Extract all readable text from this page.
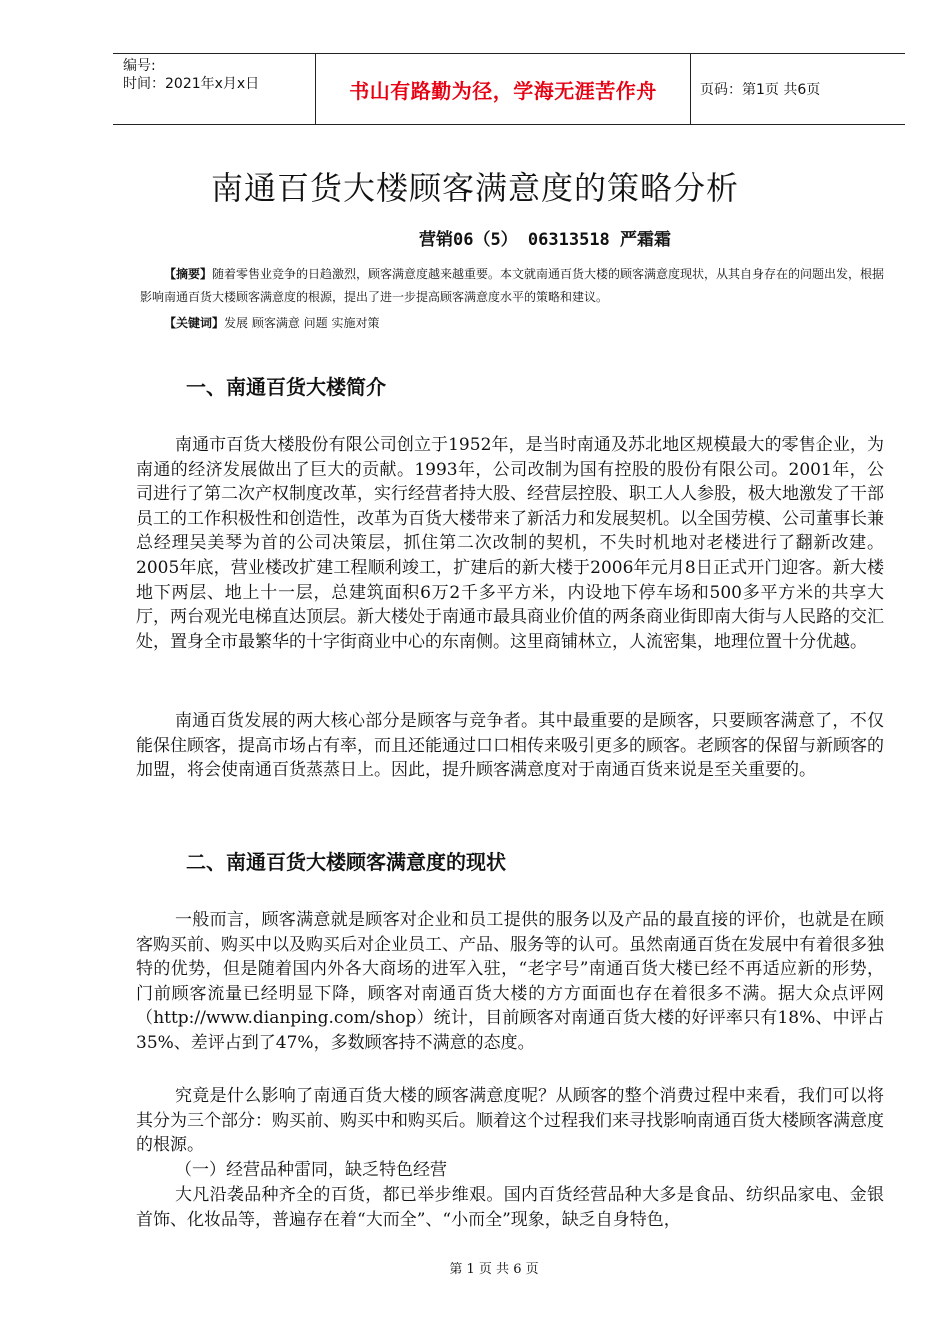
编号:
时间：2021年x月x日	书山有路勤为径，学海无涯苦作舟	页码：第1页 共6页
南通百货大楼顾客满意度的策略分析
营销06（5） 06313518 严霜霜
【摘要】随着零售业竞争的日趋激烈，顾客满意度越来越重要。本文就南通百货大楼的顾客满意度现状，从其自身存在的问题出发，根据影响南通百货大楼顾客满意度的根源，提出了进一步提高顾客满意度水平的策略和建议。
【关键词】发展 顾客满意 问题 实施对策
一、南通百货大楼简介

南通市百货大楼股份有限公司创立于1952年，是当时南通及苏北地区规模最大的零售企业，为南通的经济发展做出了巨大的贡献。1993年，公司改制为国有控股的股份有限公司。2001年，公司进行了第二次产权制度改革，实行经营者持大股、经营层控股、职工人人参股，极大地激发了干部员工的工作积极性和创造性，改革为百货大楼带来了新活力和发展契机。以全国劳模、公司董事长兼总经理吴美琴为首的公司决策层，抓住第二次改制的契机，不失时机地对老楼进行了翻新改建。2005年底，营业楼改扩建工程顺利竣工，扩建后的新大楼于2006年元月8日正式开门迎客。新大楼地下两层、地上十一层，总建筑面积6万2千多平方米，内设地下停车场和500多平方米的共享大厅，两台观光电梯直达顶层。新大楼处于南通市最具商业价值的两条商业街即南大街与人民路的交汇处，置身全市最繁华的十字街商业中心的东南侧。这里商铺林立，人流密集，地理位置十分优越。

南通百货发展的两大核心部分是顾客与竞争者。其中最重要的是顾客，只要顾客满意了，不仅能保住顾客，提高市场占有率，而且还能通过口口相传来吸引更多的顾客。老顾客的保留与新顾客的加盟，将会使南通百货蒸蒸日上。因此，提升顾客满意度对于南通百货来说是至关重要的。

二、南通百货大楼顾客满意度的现状

一般而言，顾客满意就是顾客对企业和员工提供的服务以及产品的最直接的评价，也就是在顾客购买前、购买中以及购买后对企业员工、产品、服务等的认可。虽然南通百货在发展中有着很多独特的优势，但是随着国内外各大商场的进军入驻，“老字号”南通百货大楼已经不再适应新的形势，门前顾客流量已经明显下降，顾客对南通百货大楼的方方面面也存在着很多不满。据大众点评网（http://www.dianping.com/shop）统计，目前顾客对南通百货大楼的好评率只有18%、中评占35%、差评占到了47%，多数顾客持不满意的态度。

究竟是什么影响了南通百货大楼的顾客满意度呢？从顾客的整个消费过程中来看，我们可以将其分为三个部分：购买前、购买中和购买后。顺着这个过程我们来寻找影响南通百货大楼顾客满意度的根源。

（一）经营品种雷同，缺乏特色经营

大凡沿袭品种齐全的百货，都已举步维艰。国内百货经营品种大多是食品、纺织品家电、金银首饰、化妆品等，普遍存在着“大而全”、“小而全”现象，缺乏自身特色，

第 1 页 共 6 页
